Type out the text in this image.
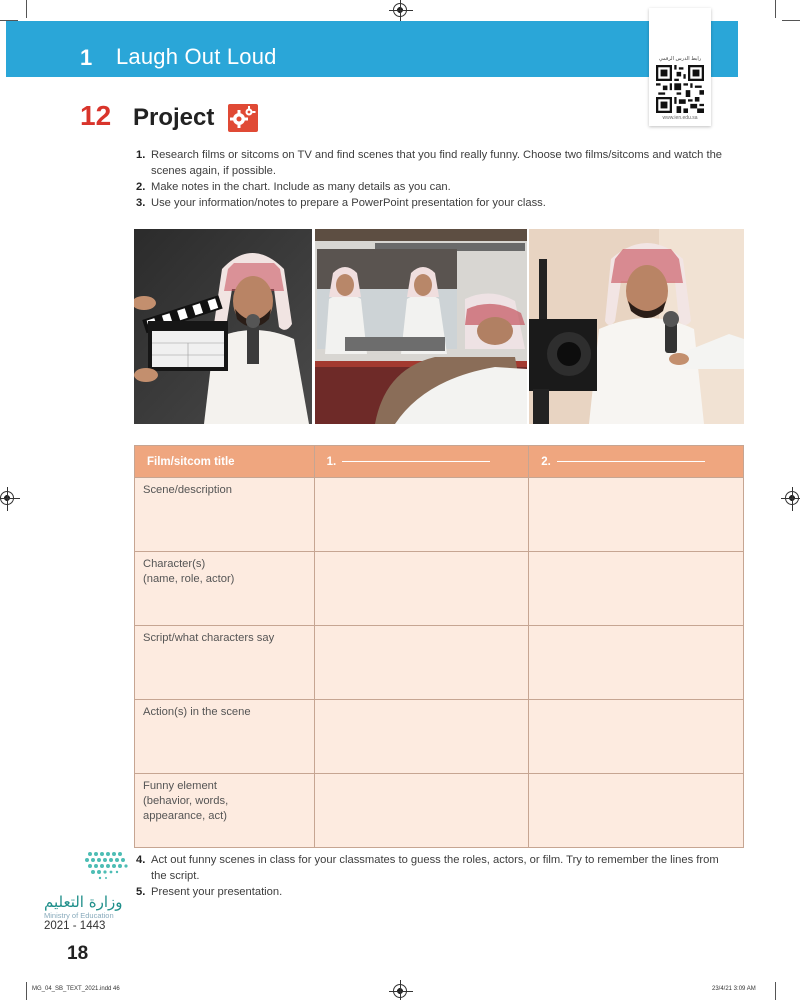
1 Laugh Out Loud	رابط الدرس الرقمي
www.ien.edu.sa
12 Project
1. Research films or sitcoms on TV and find scenes that you find really funny. Choose two films/sitcoms and watch the scenes again, if possible.
2. Make notes in the chart. Include as many details as you can.
3. Use your information/notes to prepare a PowerPoint presentation for your class.
Film/sitcom title	1.	2.

Scene/description		

Character(s)
(name, role, actor)		

Script/what characters say		

Action(s) in the scene		

Funny element
(behavior, words,
appearance, act)		

4. Act out funny scenes in class for your classmates to guess the roles, actors, or film. Try to remember the lines from the script.
5. Present your presentation.
وزارة التعليم
Ministry of Education
2021 - 1443
18
MG_04_SB_TEXT_2021.indd 46	23/4/21 3:09 AM
